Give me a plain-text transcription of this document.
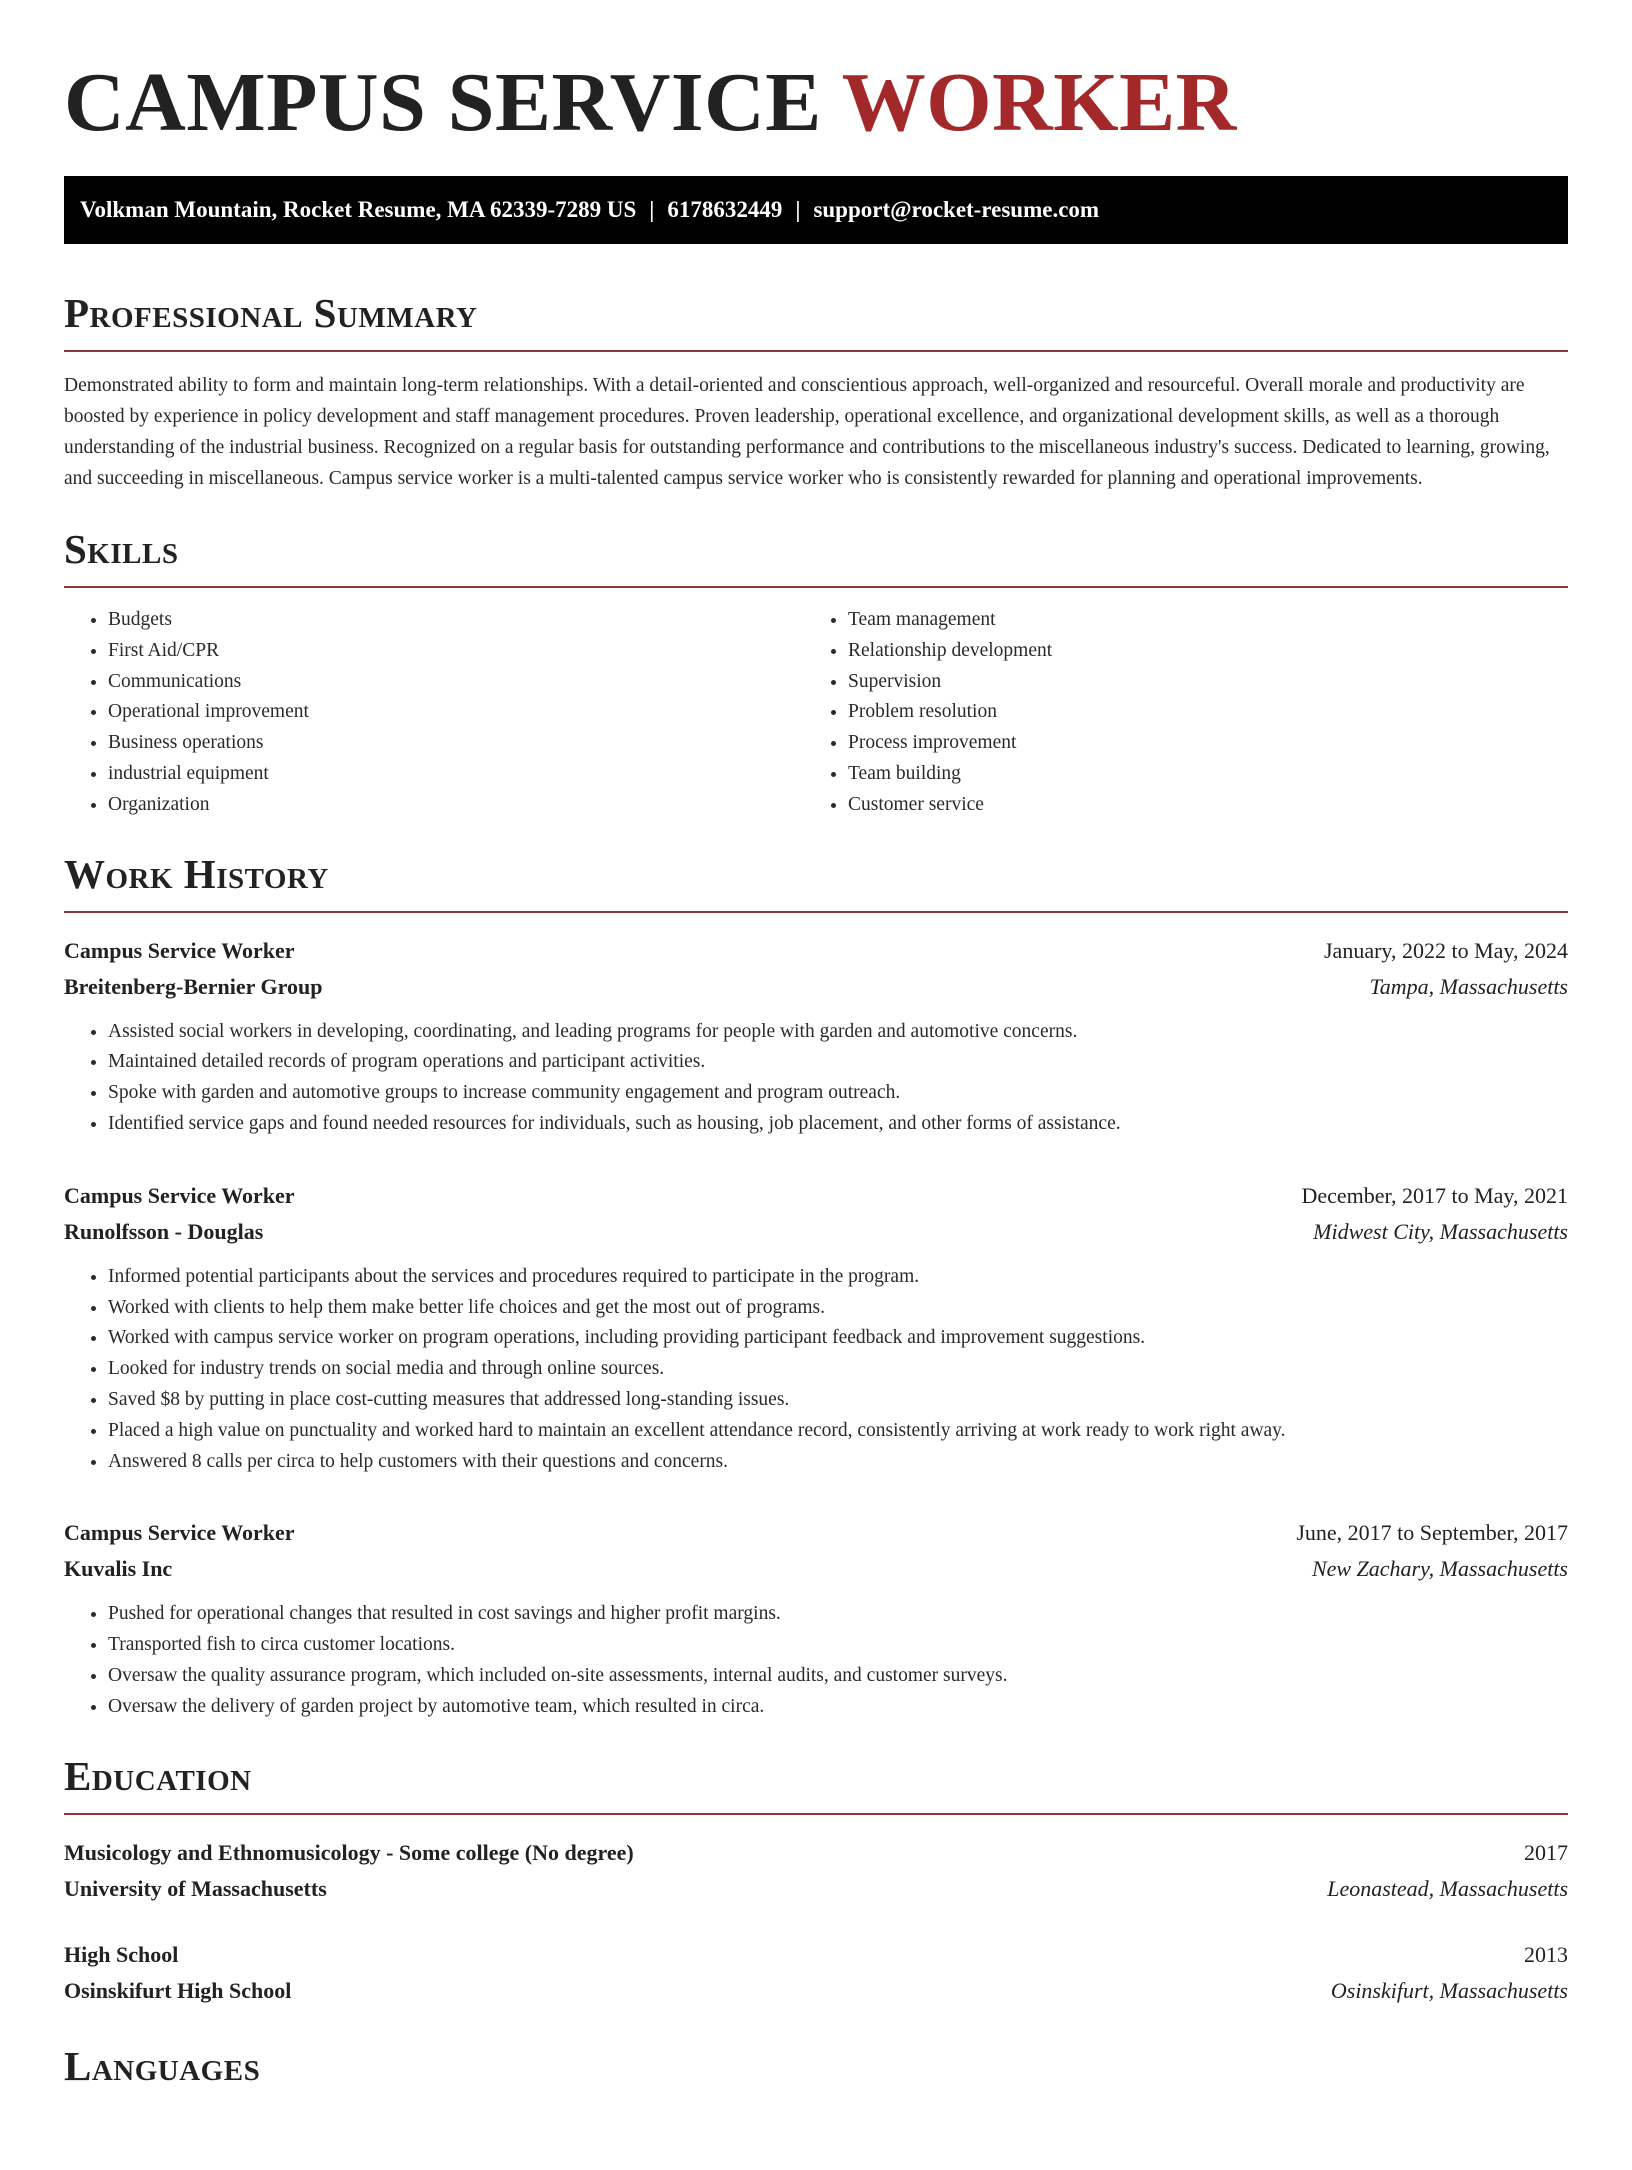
CAMPUS SERVICE WORKER
Volkman Mountain, Rocket Resume, MA 62339-7289 US | 6178632449 | support@rocket-resume.com
Professional Summary

Demonstrated ability to form and maintain long-term relationships. With a detail-oriented and conscientious approach, well-organized and resourceful. Overall morale and productivity are boosted by experience in policy development and staff management procedures. Proven leadership, operational excellence, and organizational development skills, as well as a thorough understanding of the industrial business. Recognized on a regular basis for outstanding performance and contributions to the miscellaneous industry's success. Dedicated to learning, growing, and succeeding in miscellaneous. Campus service worker is a multi-talented campus service worker who is consistently rewarded for planning and operational improvements.

Skills
• Budgets
• First Aid/CPR
• Communications
• Operational improvement
• Business operations
• industrial equipment
• Organization
• Team management
• Relationship development
• Supervision
• Problem resolution
• Process improvement
• Team building
• Customer service
Work History
Campus Service Worker	January, 2022 to May, 2024
Breitenberg-Bernier Group	Tampa, Massachusetts
• Assisted social workers in developing, coordinating, and leading programs for people with garden and automotive concerns.
• Maintained detailed records of program operations and participant activities.
• Spoke with garden and automotive groups to increase community engagement and program outreach.
• Identified service gaps and found needed resources for individuals, such as housing, job placement, and other forms of assistance.
Campus Service Worker	December, 2017 to May, 2021
Runolfsson - Douglas	Midwest City, Massachusetts
• Informed potential participants about the services and procedures required to participate in the program.
• Worked with clients to help them make better life choices and get the most out of programs.
• Worked with campus service worker on program operations, including providing participant feedback and improvement suggestions.
• Looked for industry trends on social media and through online sources.
• Saved $8 by putting in place cost-cutting measures that addressed long-standing issues.
• Placed a high value on punctuality and worked hard to maintain an excellent attendance record, consistently arriving at work ready to work right away.
• Answered 8 calls per circa to help customers with their questions and concerns.
Campus Service Worker	June, 2017 to September, 2017
Kuvalis Inc	New Zachary, Massachusetts
• Pushed for operational changes that resulted in cost savings and higher profit margins.
• Transported fish to circa customer locations.
• Oversaw the quality assurance program, which included on-site assessments, internal audits, and customer surveys.
• Oversaw the delivery of garden project by automotive team, which resulted in circa.
Education
Musicology and Ethnomusicology - Some college (No degree)	2017
University of Massachusetts	Leonastead, Massachusetts
High School	2013
Osinskifurt High School	Osinskifurt, Massachusetts
Languages
